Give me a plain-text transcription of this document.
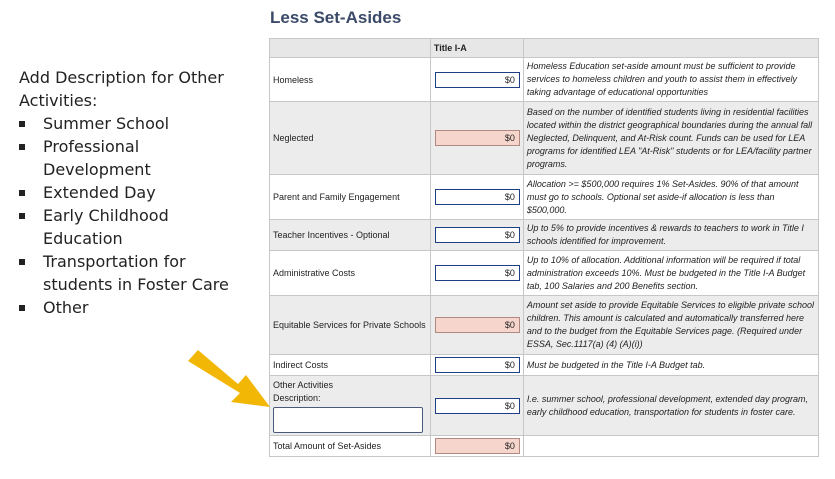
Add Description for Other Activities:

Summer School
Professional Development
Extended Day
Early Childhood Education
Transportation for students in Foster Care
Other
Less Set-Asides
	Title I-A	
Homeless	$0	Homeless Education set-aside amount must be sufficient to provide services to homeless children and youth to assist them in effectively taking advantage of educational opportunities
Neglected	$0	Based on the number of identified students living in residential facilities located within the district geographical boundaries during the annual fall Neglected, Delinquent, and At-Risk count. Funds can be used for LEA programs for identified LEA "At-Risk" students or for LEA/facility partner programs.
Parent and Family Engagement	$0	Allocation >= $500,000 requires 1% Set-Asides. 90% of that amount must go to schools. Optional set aside-if allocation is less than $500,000.
Teacher Incentives - Optional	$0	Up to 5% to provide incentives & rewards to teachers to work in Title I schools identified for improvement.
Administrative Costs	$0	Up to 10% of allocation. Additional information will be required if total administration exceeds 10%. Must be budgeted in the Title I-A Budget tab, 100 Salaries and 200 Benefits section.
Equitable Services for Private Schools	$0	Amount set aside to provide Equitable Services to eligible private school children. This amount is calculated and automatically transferred here and to the budget from the Equitable Services page. (Required under ESSA, Sec.1117(a) (4) (A)(i))
Indirect Costs	$0	Must be budgeted in the Title I-A Budget tab.

Other Activities
Description:	$0	I.e. summer school, professional development, extended day program, early childhood education, transportation for students in foster care.
Total Amount of Set-Asides	$0	
